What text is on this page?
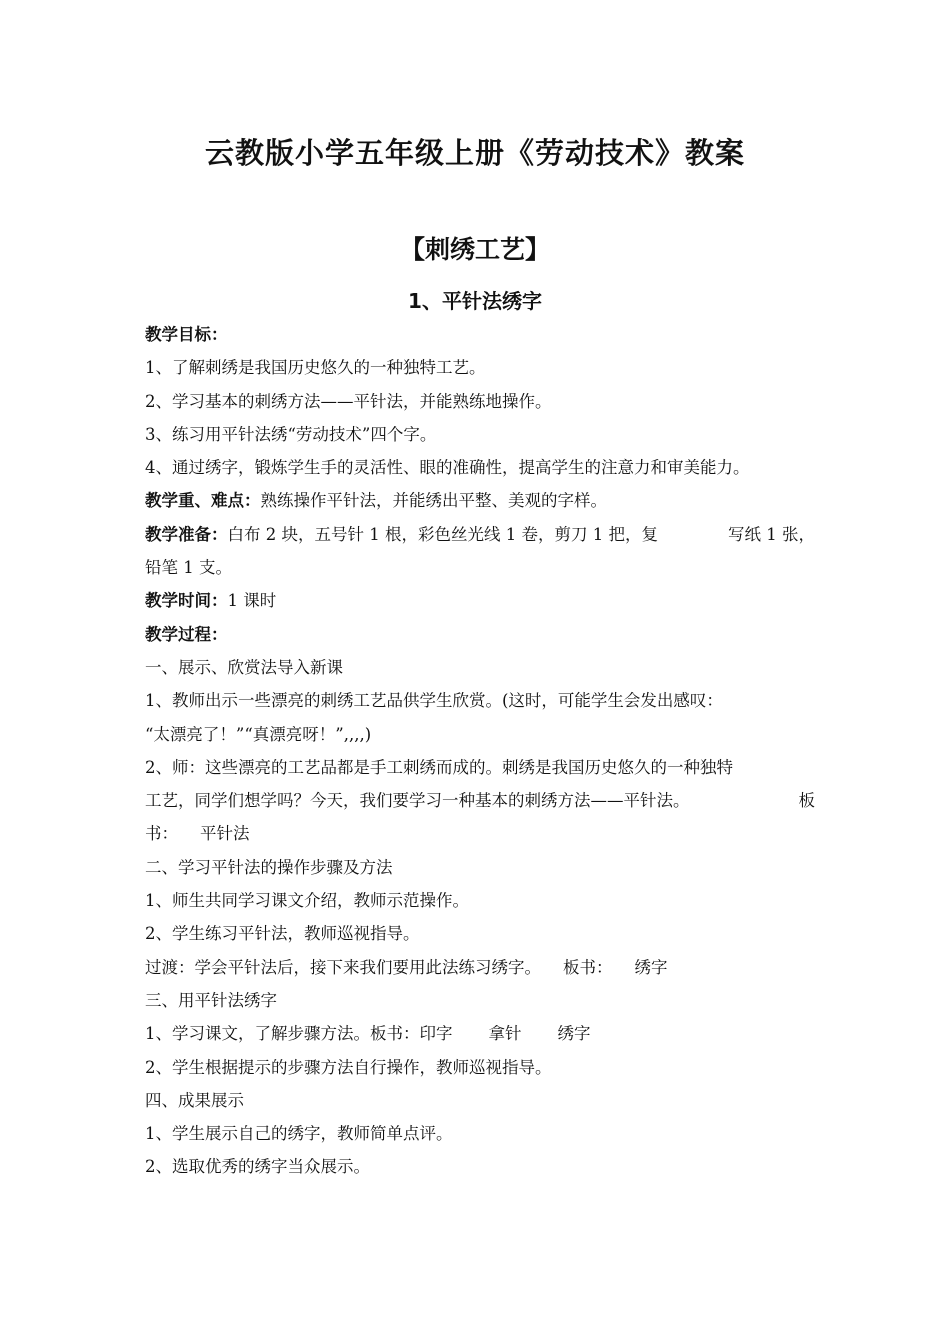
云教版小学五年级上册《劳动技术》教案
【刺绣工艺】
1、平针法绣字
教学目标：
1、了解刺绣是我国历史悠久的一种独特工艺。
2、学习基本的刺绣方法——平针法，并能熟练地操作。
3、练习用平针法绣“劳动技术”四个字。
4、通过绣字，锻炼学生手的灵活性、眼的准确性，提高学生的注意力和审美能力。
教学重、难点：熟练操作平针法，并能绣出平整、美观的字样。
教学准备：白布 2 块，五号针 1 根，彩色丝光线 1 卷，剪刀 1 把，复	写纸 1 张，
铅笔 1 支。
教学时间：1 课时
教学过程：
一、展示、欣赏法导入新课
1、教师出示一些漂亮的刺绣工艺品供学生欣赏。(这时，可能学生会发出感叹：
“太漂亮了！”“真漂亮呀！”,,,,)
2、师：这些漂亮的工艺品都是手工刺绣而成的。刺绣是我国历史悠久的一种独特
工艺，同学们想学吗？今天，我们要学习一种基本的刺绣方法——平针法。	板
书： 平针法
二、学习平针法的操作步骤及方法
1、师生共同学习课文介绍，教师示范操作。
2、学生练习平针法，教师巡视指导。
过渡：学会平针法后，接下来我们要用此法练习绣字。 板书： 绣字
三、用平针法绣字
1、学习课文，了解步骤方法。板书：印字 拿针 绣字
2、学生根据提示的步骤方法自行操作，教师巡视指导。
四、成果展示
1、学生展示自己的绣字，教师简单点评。
2、选取优秀的绣字当众展示。
